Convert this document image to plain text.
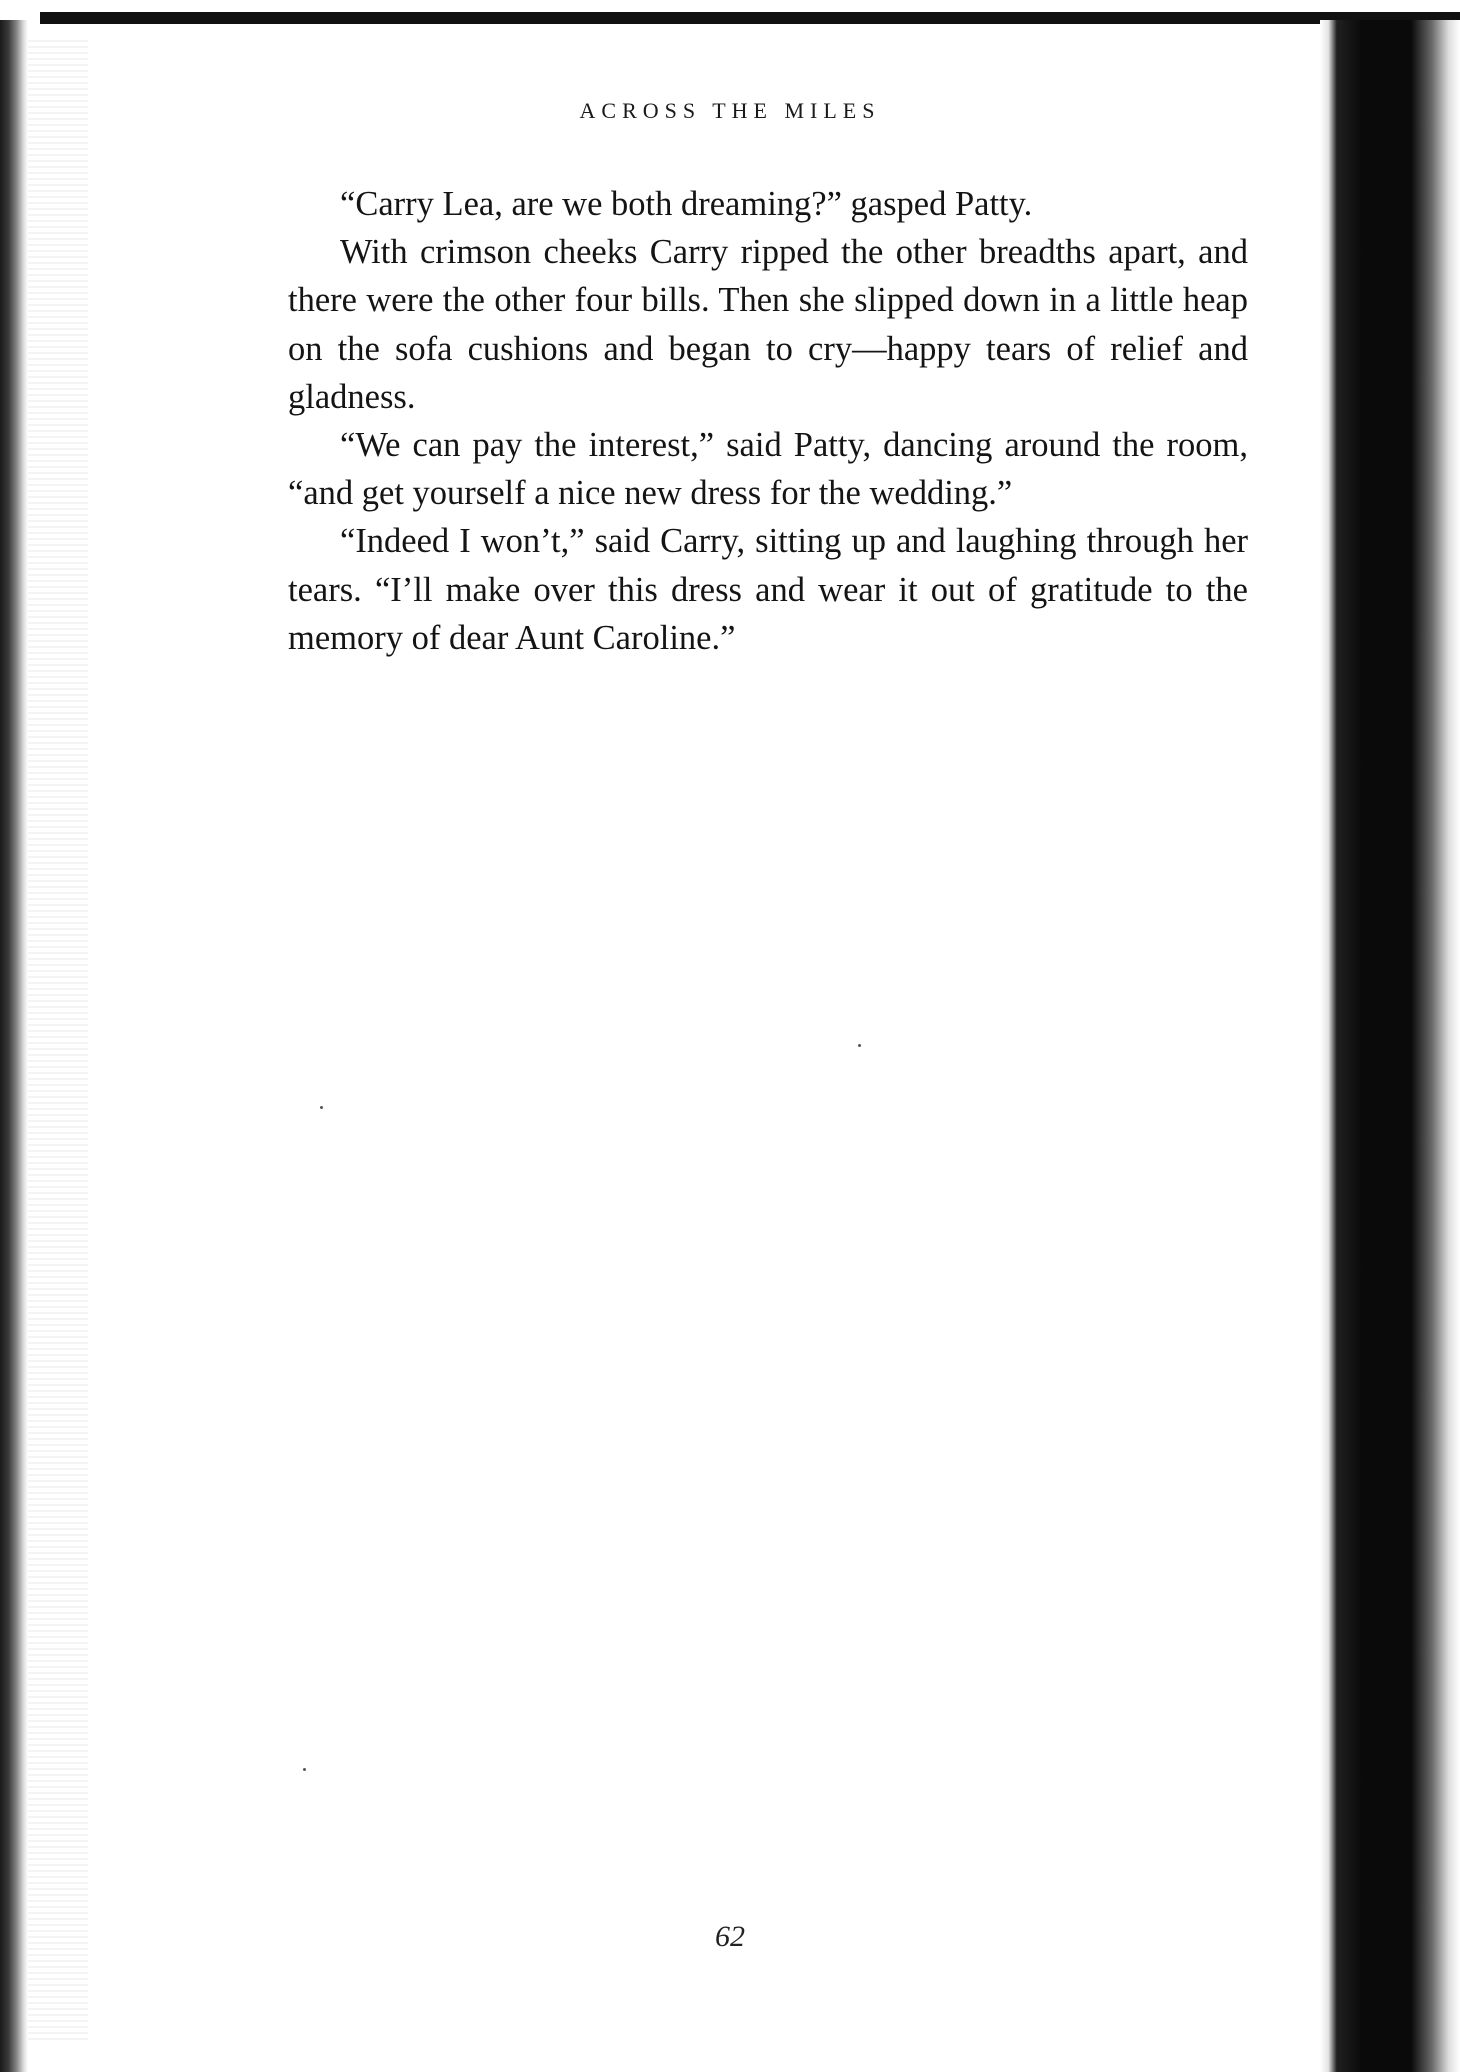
ACROSS THE MILES

“Carry Lea, are we both dreaming?” gasped Patty.

With crimson cheeks Carry ripped the other breadths apart, and there were the other four bills. Then she slipped down in a little heap on the sofa cushions and began to cry—happy tears of relief and gladness.

“We can pay the interest,” said Patty, dancing around the room, “and get yourself a nice new dress for the wedding.”

“Indeed I won’t,” said Carry, sitting up and laughing through her tears. “I’ll make over this dress and wear it out of gratitude to the memory of dear Aunt Caroline.”

62
